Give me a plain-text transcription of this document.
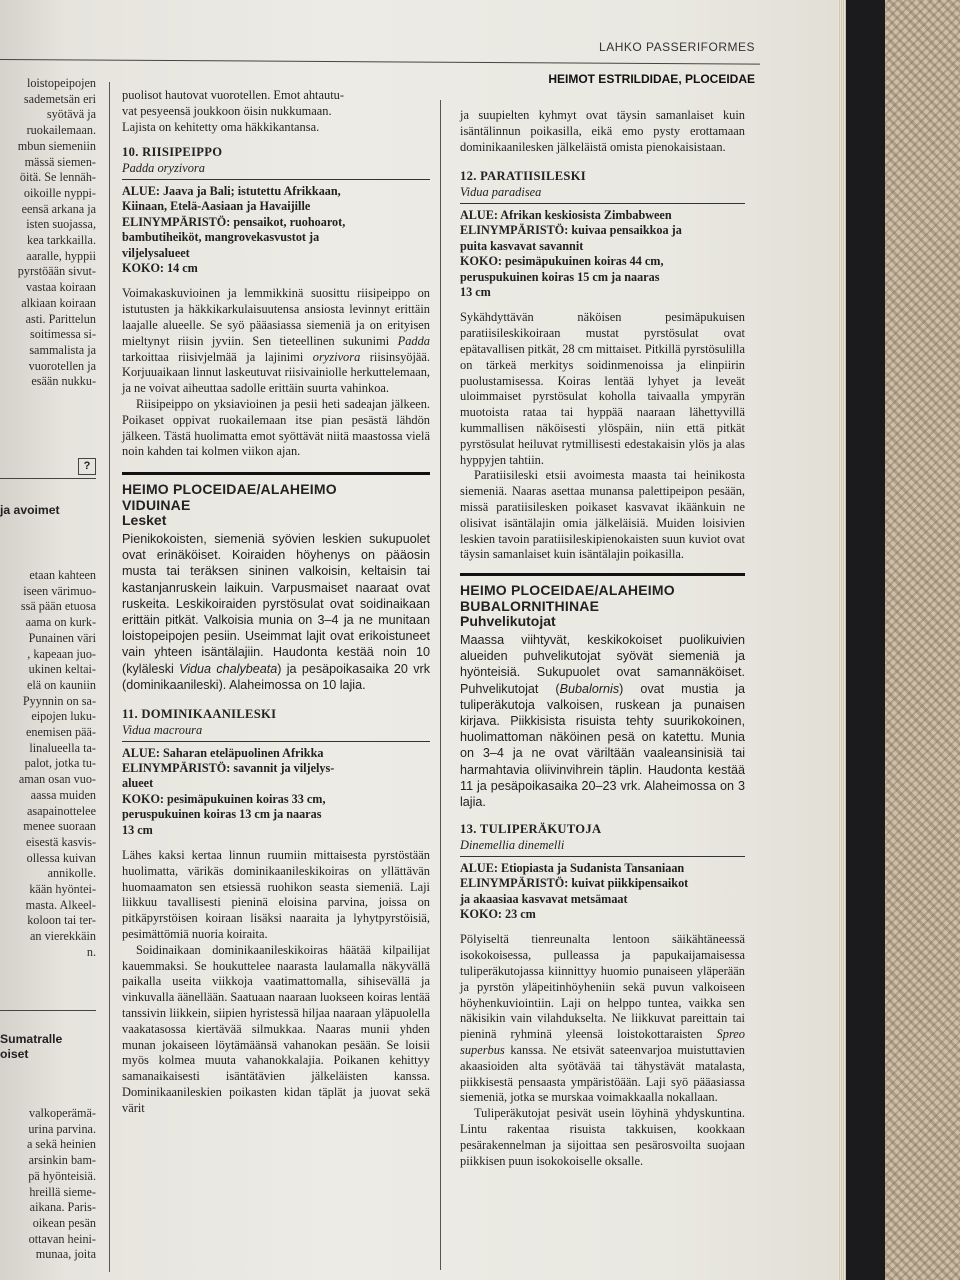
LAHKO PASSERIFORMES
HEIMOT ESTRILDIDAE, PLOCEIDAE
loistopeipojen
sademetsän eri
syötävä ja
ruokailemaan.
mbun siemeniin
mässä siemen-
öitä. Se lennäh-
oikoille nyppi-
eensä arkana ja
isten suojassa,
kea tarkkailla.
aaralle, hyppii
pyrstöään sivut-
vastaa koiraan
alkiaan koiraan
asti. Parittelun
soitimessa si-
sammalista ja
vuorotellen ja
esään nukku-
?
ja avoimet
etaan kahteen
iseen värimuo-
ssä pään etuosa
aama on kurk-
Punainen väri
, kapeaan juo-
ukinen keltai-
elä on kauniin
Pyynnin on sa-
eipojen luku-
enemisen pää-
linalueella ta-
palot, jotka tu-
aman osan vuo-
aassa muiden
asapainottelee
menee suoraan
eisestä kasvis-
ollessa kuivan
annikolle.
kään hyöntei-
masta. Alkeel-
koloon tai ter-
an vierekkäin
n.
Sumatralle
oiset
valkoperämä-
urina parvina.
a sekä heinien
arsinkin bam-
pä hyönteisiä.
hreillä sieme-
aikana. Paris-
oikean pesän
ottavan heini-
munaa, joita
puolisot hautovat vuorotellen. Emot ahtautu-
vat pesyeensä joukkoon öisin nukkumaan.
Lajista on kehitetty oma häkkikantansa.
10. RIISIPEIPPO
Padda oryzivora
ALUE: Jaava ja Bali; istutettu Afrikkaan,
Kiinaan, Etelä-Aasiaan ja Havaijille
ELINYMPÄRISTÖ: pensaikot, ruohoarot,
bambutiheiköt, mangrovekasvustot ja
viljelysalueet
KOKO: 14 cm

Voimakaskuvioinen ja lemmikkinä suosittu riisipeippo on istutusten ja häkkikarkulaisuutensa ansiosta levinnyt erittäin laajalle alueelle. Se syö pääasiassa siemeniä ja on erityisen mieltynyt riisin jyviin. Sen tieteellinen sukunimi Padda tarkoittaa riisivjelmää ja lajinimi oryzivora riisinsyöjää. Korjuuaikaan linnut laskeutuvat riisivainiolle herkuttelemaan, ja ne voivat aiheuttaa sadolle erittäin suurta vahinkoa.

Riisipeippo on yksiavioinen ja pesii heti sadeajan jälkeen. Poikaset oppivat ruokailemaan itse pian pesästä lähdön jälkeen. Tästä huolimatta emot syöttävät niitä maastossa vielä noin kahden tai kolmen viikon ajan.

HEIMO PLOCEIDAE/ALAHEIMO
VIDUINAE
Lesket

Pienikokoisten, siemeniä syövien leskien sukupuolet ovat erinäköiset. Koiraiden höyhenys on pääosin musta tai teräksen sininen valkoisin, keltaisin tai kastanjanruskein laikuin. Varpusmaiset naaraat ovat ruskeita. Leskikoiraiden pyrstösulat ovat soidinaikaan erittäin pitkät. Valkoisia munia on 3–4 ja ne munitaan loistopeipojen pesiin. Useimmat lajit ovat erikoistuneet vain yhteen isäntälajiin. Haudonta kestää noin 10 (kyläleski Vidua chalybeata) ja pesäpoikasaika 20 vrk (dominikaanileski). Alaheimossa on 10 lajia.

11. DOMINIKAANILESKI
Vidua macroura
ALUE: Saharan eteläpuolinen Afrikka
ELINYMPÄRISTÖ: savannit ja viljelys-
alueet
KOKO: pesimäpukuinen koiras 33 cm,
peruspukuinen koiras 13 cm ja naaras
13 cm

Lähes kaksi kertaa linnun ruumiin mittaisesta pyrstöstään huolimatta, värikäs dominikaanileskikoiras on yllättävän huomaamaton sen etsiessä ruohikon seasta siemeniä. Laji liikkuu tavallisesti pieninä eloisina parvina, joissa on pitkäpyrstöisen koiraan lisäksi naaraita ja lyhytpyrstöisiä, pesimättömiä nuoria koiraita.

Soidinaikaan dominikaanileskikoiras häätää kilpailijat kauemmaksi. Se houkuttelee naarasta laulamalla näkyvällä paikalla useita viikkoja vaatimattomalla, sihisevällä ja vinkuvalla äänellään. Saatuaan naaraan luokseen koiras lentää tanssivin liikkein, siipien hyristessä hiljaa naaraan yläpuolella vaakatasossa kiertävää silmukkaa. Naaras munii yhden munan jokaiseen löytämäänsä vahanokan pesään. Se loisii myös kolmea muuta vahanokkalajia. Poikanen kehittyy samanaikaisesti isäntätävien jälkeläisten kanssa. Dominikaanileskien poikasten kidan täplät ja juovat sekä värit

ja suupielten kyhmyt ovat täysin samanlaiset kuin isäntälinnun poikasilla, eikä emo pysty erottamaan dominikaanilesken jälkeläistä omista pienokaisistaan.

12. PARATIISILESKI
Vidua paradisea
ALUE: Afrikan keskiosista Zimbabween
ELINYMPÄRISTÖ: kuivaa pensaikkoa ja
puita kasvavat savannit
KOKO: pesimäpukuinen koiras 44 cm,
peruspukuinen koiras 15 cm ja naaras
13 cm

Sykähdyttävän näköisen pesimäpukuisen paratiisileskikoiraan mustat pyrstösulat ovat epätavallisen pitkät, 28 cm mittaiset. Pitkillä pyrstösulilla on tärkeä merkitys soidinmenoissa ja elinpiirin puolustamisessa. Koiras lentää lyhyet ja leveät uloimmaiset pyrstösulat koholla taivaalla ympyrän muotoista rataa tai hyppää naaraan lähettyvillä kummallisen näköisesti ylöspäin, niin että pitkät pyrstösulat heiluvat rytmillisesti edestakaisin ylös ja alas hyppyjen tahtiin.

Paratiisileski etsii avoimesta maasta tai heinikosta siemeniä. Naaras asettaa munansa palettipeipon pesään, missä paratiisilesken poikaset kasvavat ikäänkuin ne olisivat isäntälajin omia jälkeläisiä. Muiden loisivien leskien tavoin paratiisileskipienokaisten suun kuviot ovat täysin samanlaiset kuin isäntälajin poikasilla.

HEIMO PLOCEIDAE/ALAHEIMO
BUBALORNITHINAE
Puhvelikutojat

Maassa viihtyvät, keskikokoiset puolikuivien alueiden puhvelikutojat syövät siemeniä ja hyönteisiä. Sukupuolet ovat samannäköiset. Puhvelikutojat (Bubalornis) ovat mustia ja tuliperäkutoja valkoisen, ruskean ja punaisen kirjava. Piikkisista risuista tehty suurikokoinen, huolimattoman näköinen pesä on katettu. Munia on 3–4 ja ne ovat väriltään vaaleansinisiä tai harmahtavia oliivinvihrein täplin. Haudonta kestää 11 ja pesäpoikasaika 20–23 vrk. Alaheimossa on 3 lajia.

13. TULIPERÄKUTOJA
Dinemellia dinemelli
ALUE: Etiopiasta ja Sudanista Tansaniaan
ELINYMPÄRISTÖ: kuivat piikkipensaikot
ja akaasiaa kasvavat metsämaat
KOKO: 23 cm

Pölyiseltä tienreunalta lentoon säikähtäneessä isokokoisessa, pulleassa ja papukaijamaisessa tuliperäkutojassa kiinnittyy huomio punaiseen yläperään ja pyrstön yläpeitinhöyheniin sekä puvun valkoiseen höyhenkuviointiin. Laji on helppo tuntea, vaikka sen näkisikin vain vilahdukselta. Ne liikkuvat pareittain tai pieninä ryhminä yleensä loistokottaraisten Spreo superbus kanssa. Ne etsivät sateenvarjoa muistuttavien akaasioiden alta syötävää tai tähystävät matalasta, piikkisestä pensaasta ympäristöään. Laji syö pääasiassa siemeniä, jotka se murskaa voimakkaalla nokallaan.

Tuliperäkutojat pesivät usein löyhinä yhdyskuntina. Lintu rakentaa risuista takkuisen, kookkaan pesärakennelman ja sijoittaa sen pesärosvoilta suojaan piikkisen puun isokokoiselle oksalle.
